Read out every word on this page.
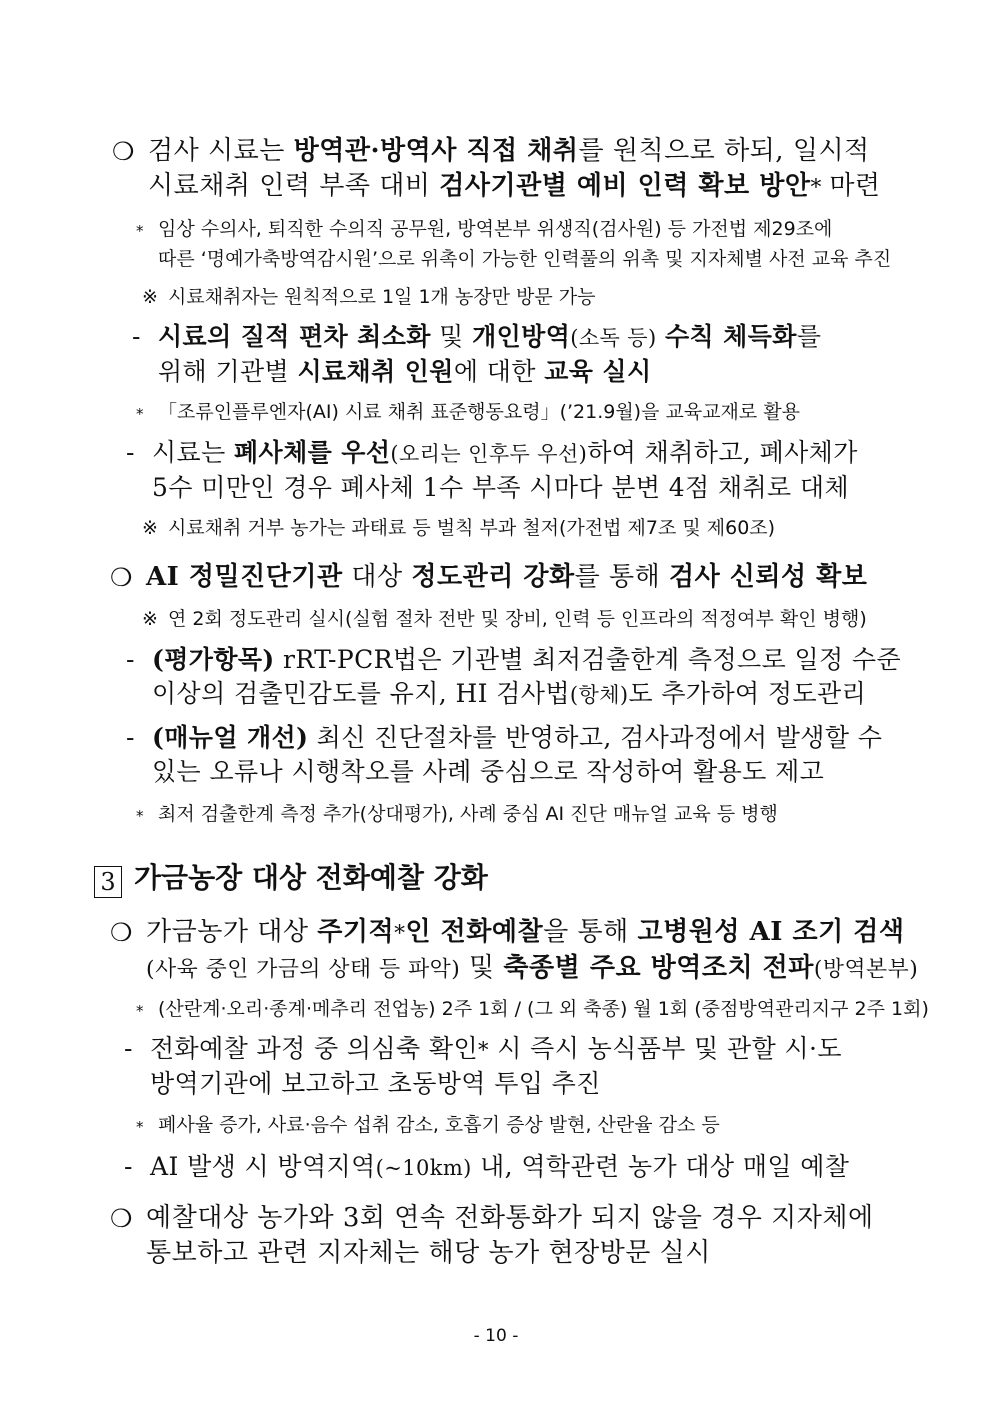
❍ 검사 시료는 방역관·방역사 직접 채취를 원칙으로 하되, 일시적
시료채취 인력 부족 대비 검사기관별 예비 인력 확보 방안* 마련
* 임상 수의사, 퇴직한 수의직 공무원, 방역본부 위생직(검사원) 등 가전법 제29조에
따른 ‘명예가축방역감시원’으로 위촉이 가능한 인력풀의 위촉 및 지자체별 사전 교육 추진
※ 시료채취자는 원칙적으로 1일 1개 농장만 방문 가능
- 시료의 질적 편차 최소화 및 개인방역(소독 등) 수칙 체득화를
위해 기관별 시료채취 인원에 대한 교육 실시
* 「조류인플루엔자(AI) 시료 채취 표준행동요령」(’21.9월)을 교육교재로 활용
- 시료는 폐사체를 우선(오리는 인후두 우선)하여 채취하고, 폐사체가
5수 미만인 경우 폐사체 1수 부족 시마다 분변 4점 채취로 대체
※ 시료채취 거부 농가는 과태료 등 벌칙 부과 철저(가전법 제7조 및 제60조)
❍ AI 정밀진단기관 대상 정도관리 강화를 통해 검사 신뢰성 확보
※ 연 2회 정도관리 실시(실험 절차 전반 및 장비, 인력 등 인프라의 적정여부 확인 병행)
- (평가항목) rRT-PCR법은 기관별 최저검출한계 측정으로 일정 수준
이상의 검출민감도를 유지, HI 검사법(항체)도 추가하여 정도관리
- (매뉴얼 개선) 최신 진단절차를 반영하고, 검사과정에서 발생할 수
있는 오류나 시행착오를 사례 중심으로 작성하여 활용도 제고
* 최저 검출한계 측정 추가(상대평가), 사례 중심 AI 진단 매뉴얼 교육 등 병행
3 가금농장 대상 전화예찰 강화
❍ 가금농가 대상 주기적*인 전화예찰을 통해 고병원성 AI 조기 검색
(사육 중인 가금의 상태 등 파악) 및 축종별 주요 방역조치 전파(방역본부)
* (산란계·오리·종계·메추리 전업농) 2주 1회 / (그 외 축종) 월 1회 (중점방역관리지구 2주 1회)
- 전화예찰 과정 중 의심축 확인* 시 즉시 농식품부 및 관할 시·도
방역기관에 보고하고 초동방역 투입 추진
* 폐사율 증가, 사료·음수 섭취 감소, 호흡기 증상 발현, 산란율 감소 등
- AI 발생 시 방역지역(~10km) 내, 역학관련 농가 대상 매일 예찰
❍ 예찰대상 농가와 3회 연속 전화통화가 되지 않을 경우 지자체에
통보하고 관련 지자체는 해당 농가 현장방문 실시
- 10 -
